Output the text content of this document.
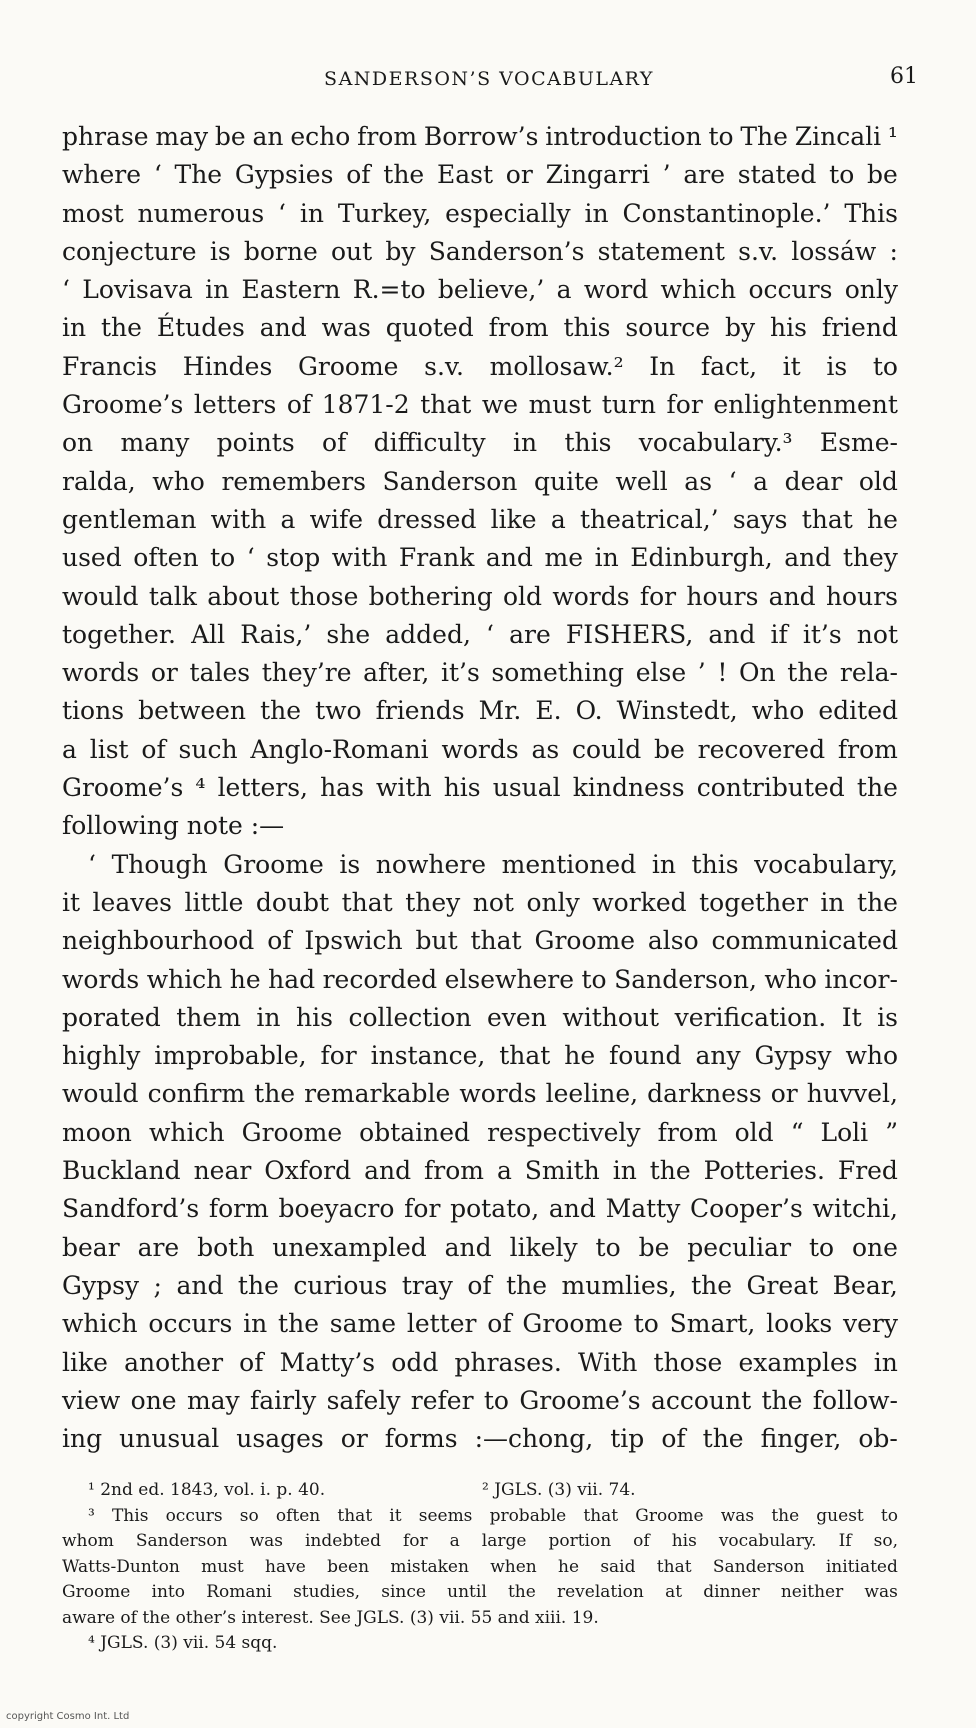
SANDERSON’S VOCABULARY	61
phrase may be an echo from Borrow’s introduction to The Zincali ¹
where ‘ The Gypsies of the East or Zingarri ’ are stated to be
most numerous ‘ in Turkey, especially in Constantinople.’ This
conjecture is borne out by Sanderson’s statement s.v. lossáw :
‘ Lovisava in Eastern R.=to believe,’ a word which occurs only
in the Études and was quoted from this source by his friend
Francis Hindes Groome s.v. mollosaw.² In fact, it is to
Groome’s letters of 1871-2 that we must turn for enlightenment
on many points of difficulty in this vocabulary.³ Esme-
ralda, who remembers Sanderson quite well as ‘ a dear old
gentleman with a wife dressed like a theatrical,’ says that he
used often to ‘ stop with Frank and me in Edinburgh, and they
would talk about those bothering old words for hours and hours
together. All Rais,’ she added, ‘ are FISHERS, and if it’s not
words or tales they’re after, it’s something else ’ ! On the rela-
tions between the two friends Mr. E. O. Winstedt, who edited
a list of such Anglo-Romani words as could be recovered from
Groome’s ⁴ letters, has with his usual kindness contributed the
following note :—
‘ Though Groome is nowhere mentioned in this vocabulary,
it leaves little doubt that they not only worked together in the
neighbourhood of Ipswich but that Groome also communicated
words which he had recorded elsewhere to Sanderson, who incor-
porated them in his collection even without verification. It is
highly improbable, for instance, that he found any Gypsy who
would confirm the remarkable words leeline, darkness or huvvel,
moon which Groome obtained respectively from old “ Loli ”
Buckland near Oxford and from a Smith in the Potteries. Fred
Sandford’s form boeyacro for potato, and Matty Cooper’s witchi,
bear are both unexampled and likely to be peculiar to one
Gypsy ; and the curious tray of the mumlies, the Great Bear,
which occurs in the same letter of Groome to Smart, looks very
like another of Matty’s odd phrases. With those examples in
view one may fairly safely refer to Groome’s account the follow-
ing unusual usages or forms :—chong, tip of the finger, ob-
¹ 2nd ed. 1843, vol. i. p. 40.	² JGLS. (3) vii. 74.
³ This occurs so often that it seems probable that Groome was the guest to
whom Sanderson was indebted for a large portion of his vocabulary. If so,
Watts-Dunton must have been mistaken when he said that Sanderson initiated
Groome into Romani studies, since until the revelation at dinner neither was
aware of the other’s interest. See JGLS. (3) vii. 55 and xiii. 19.
⁴ JGLS. (3) vii. 54 sqq.
copyright Cosmo Int. Ltd
